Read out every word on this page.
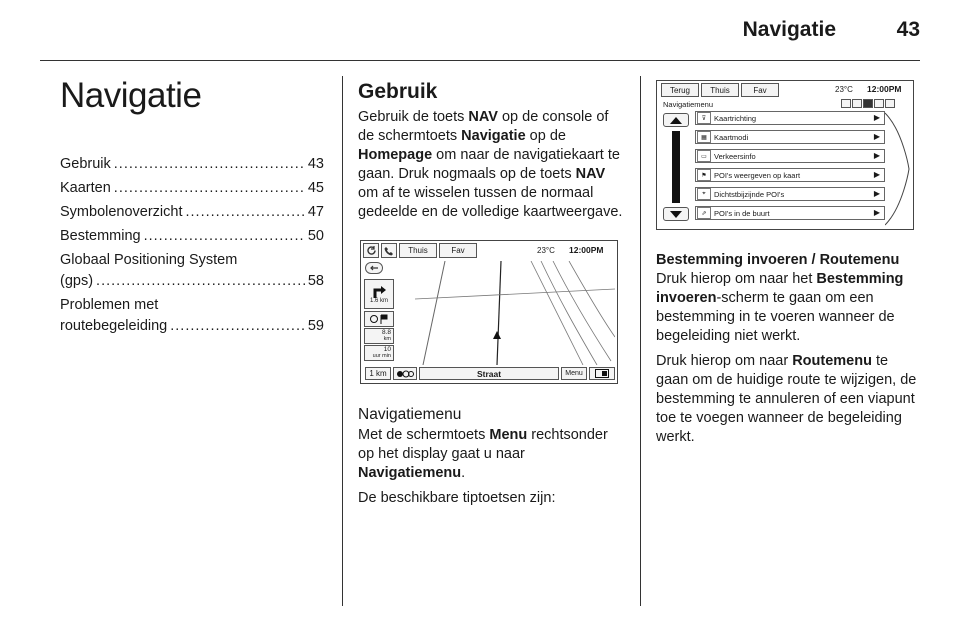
Navigatie	43
Navigatie
Gebruik .....	43
Kaarten .....	45
Symbolenoverzicht .....	47
Bestemming .....	50
Globaal Positioning System
(gps) .....	58
Problemen met
routebegeleiding .....	59
Gebruik

Gebruik de toets NAV op de console of de schermtoets Navigatie op de Homepage om naar de navigatiekaart te gaan. Druk nogmaals op de toets NAV om af te wisselen tussen de normaal gedeelde en de volledige kaartweergave.

Thuis	Fav	23°C 12:00PM
1.6 km
8.8
km
10
uur min
1 km	Straat	Menu
Navigatiemenu

Met de schermtoets Menu rechtsonder op het display gaat u naar Navigatiemenu.

De beschikbare tiptoetsen zijn:

Terug	Thuis	Fav	23°C 12:00PM
Navigatiemenu
⊽	Kaartrichting	▶
▦ Kaartmodi	▶
▭ Verkeersinfo	▶
⚑ POI's weergeven op kaart	▶
⌖	Dichtstbijzijnde POI's	▶
⇗ POI's in de buurt	▶
Bestemming invoeren / Routemenu

Druk hierop om naar het Bestemming invoeren-scherm te gaan om een bestemming in te voeren wanneer de begeleiding niet werkt.

Druk hierop om naar Routemenu te gaan om de huidige route te wijzigen, de bestemming te annuleren of een viapunt toe te voegen wanneer de begeleiding werkt.
